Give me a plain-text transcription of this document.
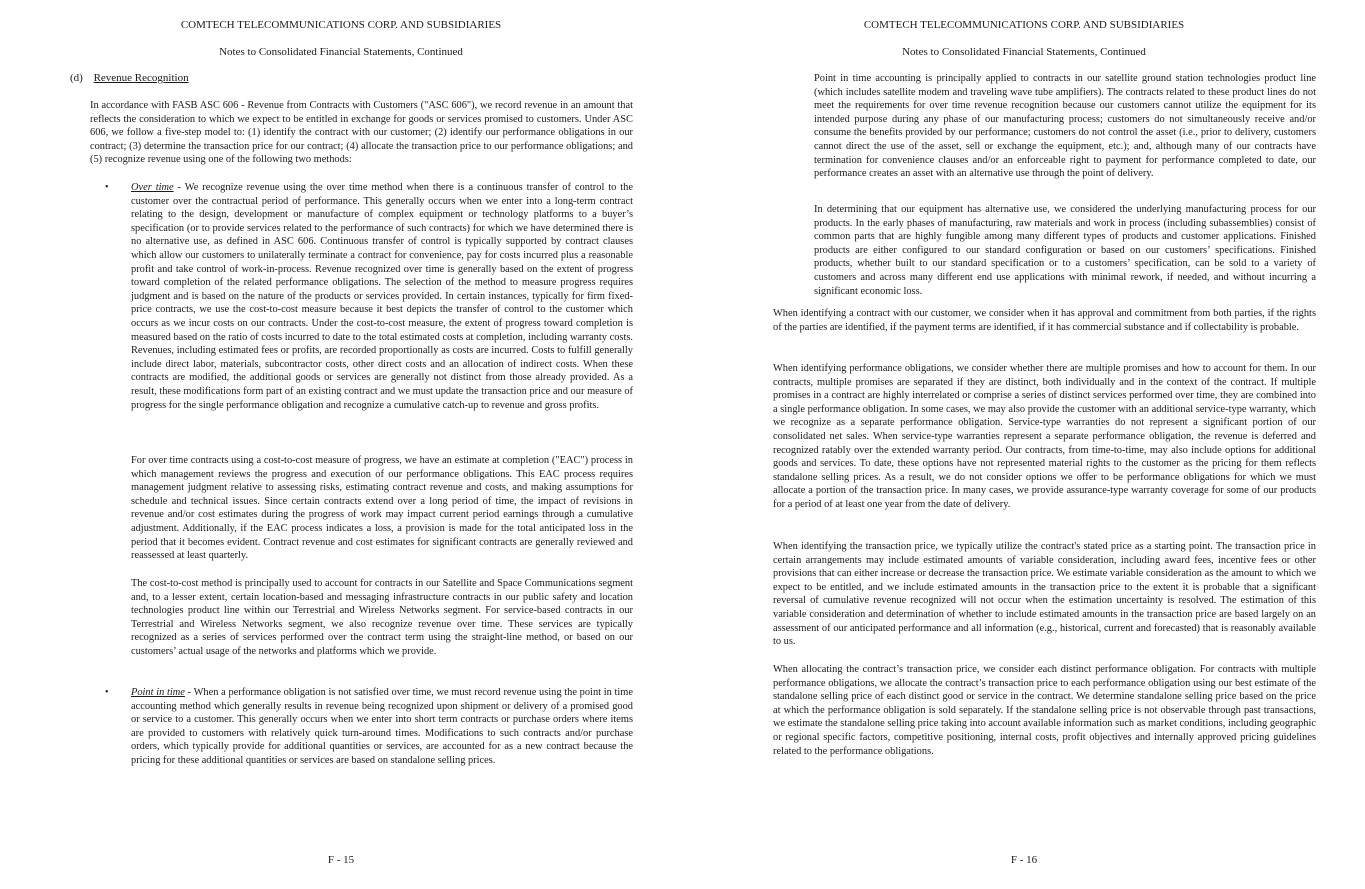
COMTECH TELECOMMUNICATIONS CORP. AND SUBSIDIARIES
Notes to Consolidated Financial Statements, Continued
(d) Revenue Recognition
In accordance with FASB ASC 606 - Revenue from Contracts with Customers ("ASC 606"), we record revenue in an amount that reflects the consideration to which we expect to be entitled in exchange for goods or services promised to customers. Under ASC 606, we follow a five-step model to: (1) identify the contract with our customer; (2) identify our performance obligations in our contract; (3) determine the transaction price for our contract; (4) allocate the transaction price to our performance obligations; and (5) recognize revenue using one of the following two methods:
• Over time - We recognize revenue using the over time method when there is a continuous transfer of control to the customer over the contractual period of performance. This generally occurs when we enter into a long-term contract relating to the design, development or manufacture of complex equipment or technology platforms to a buyer’s specification (or to provide services related to the performance of such contracts) for which we have determined there is no alternative use, as defined in ASC 606. Continuous transfer of control is typically supported by contract clauses which allow our customers to unilaterally terminate a contract for convenience, pay for costs incurred plus a reasonable profit and take control of work-in-process. Revenue recognized over time is generally based on the extent of progress toward completion of the related performance obligations. The selection of the method to measure progress requires judgment and is based on the nature of the products or services provided. In certain instances, typically for firm fixed-price contracts, we use the cost-to-cost measure because it best depicts the transfer of control to the customer which occurs as we incur costs on our contracts. Under the cost-to-cost measure, the extent of progress toward completion is measured based on the ratio of costs incurred to date to the total estimated costs at completion, including warranty costs. Revenues, including estimated fees or profits, are recorded proportionally as costs are incurred. Costs to fulfill generally include direct labor, materials, subcontractor costs, other direct costs and an allocation of indirect costs. When these contracts are modified, the additional goods or services are generally not distinct from those already provided. As a result, these modifications form part of an existing contract and we must update the transaction price and our measure of progress for the single performance obligation and recognize a cumulative catch-up to revenue and gross profits.
For over time contracts using a cost-to-cost measure of progress, we have an estimate at completion ("EAC") process in which management reviews the progress and execution of our performance obligations. This EAC process requires management judgment relative to assessing risks, estimating contract revenue and costs, and making assumptions for schedule and technical issues. Since certain contracts extend over a long period of time, the impact of revisions in revenue and/or cost estimates during the progress of work may impact current period earnings through a cumulative adjustment. Additionally, if the EAC process indicates a loss, a provision is made for the total anticipated loss in the period that it becomes evident. Contract revenue and cost estimates for significant contracts are generally reviewed and reassessed at least quarterly.
The cost-to-cost method is principally used to account for contracts in our Satellite and Space Communications segment and, to a lesser extent, certain location-based and messaging infrastructure contracts in our public safety and location technologies product line within our Terrestrial and Wireless Networks segment. For service-based contracts in our Terrestrial and Wireless Networks segment, we also recognize revenue over time. These services are typically recognized as a series of services performed over the contract term using the straight-line method, or based on our customers’ actual usage of the networks and platforms which we provide.
• Point in time - When a performance obligation is not satisfied over time, we must record revenue using the point in time accounting method which generally results in revenue being recognized upon shipment or delivery of a promised good or service to a customer. This generally occurs when we enter into short term contracts or purchase orders where items are provided to customers with relatively quick turn-around times. Modifications to such contracts and/or purchase orders, which typically provide for additional quantities or services, are accounted for as a new contract because the pricing for these additional quantities or services are based on standalone selling prices.
F - 15
COMTECH TELECOMMUNICATIONS CORP. AND SUBSIDIARIES
Notes to Consolidated Financial Statements, Continued
Point in time accounting is principally applied to contracts in our satellite ground station technologies product line (which includes satellite modem and traveling wave tube amplifiers). The contracts related to these product lines do not meet the requirements for over time revenue recognition because our customers cannot utilize the equipment for its intended purpose during any phase of our manufacturing process; customers do not simultaneously receive and/or consume the benefits provided by our performance; customers do not control the asset (i.e., prior to delivery, customers cannot direct the use of the asset, sell or exchange the equipment, etc.); and, although many of our contracts have termination for convenience clauses and/or an enforceable right to payment for performance completed to date, our performance creates an asset with an alternative use through the point of delivery.
In determining that our equipment has alternative use, we considered the underlying manufacturing process for our products. In the early phases of manufacturing, raw materials and work in process (including subassemblies) consist of common parts that are highly fungible among many different types of products and customer applications. Finished products are either configured to our standard configuration or based on our customers’ specifications. Finished products, whether built to our standard specification or to a customers’ specification, can be sold to a variety of customers and across many different end use applications with minimal rework, if needed, and without incurring a significant economic loss.
When identifying a contract with our customer, we consider when it has approval and commitment from both parties, if the rights of the parties are identified, if the payment terms are identified, if it has commercial substance and if collectability is probable.
When identifying performance obligations, we consider whether there are multiple promises and how to account for them. In our contracts, multiple promises are separated if they are distinct, both individually and in the context of the contract. If multiple promises in a contract are highly interrelated or comprise a series of distinct services performed over time, they are combined into a single performance obligation. In some cases, we may also provide the customer with an additional service-type warranty, which we recognize as a separate performance obligation. Service-type warranties do not represent a significant portion of our consolidated net sales. When service-type warranties represent a separate performance obligation, the revenue is deferred and recognized ratably over the extended warranty period. Our contracts, from time-to-time, may also include options for additional goods and services. To date, these options have not represented material rights to the customer as the pricing for them reflects standalone selling prices. As a result, we do not consider options we offer to be performance obligations for which we must allocate a portion of the transaction price. In many cases, we provide assurance-type warranty coverage for some of our products for a period of at least one year from the date of delivery.
When identifying the transaction price, we typically utilize the contract's stated price as a starting point. The transaction price in certain arrangements may include estimated amounts of variable consideration, including award fees, incentive fees or other provisions that can either increase or decrease the transaction price. We estimate variable consideration as the amount to which we expect to be entitled, and we include estimated amounts in the transaction price to the extent it is probable that a significant reversal of cumulative revenue recognized will not occur when the estimation uncertainty is resolved. The estimation of this variable consideration and determination of whether to include estimated amounts in the transaction price are based largely on an assessment of our anticipated performance and all information (e.g., historical, current and forecasted) that is reasonably available to us.
When allocating the contract’s transaction price, we consider each distinct performance obligation. For contracts with multiple performance obligations, we allocate the contract’s transaction price to each performance obligation using our best estimate of the standalone selling price of each distinct good or service in the contract. We determine standalone selling price based on the price at which the performance obligation is sold separately. If the standalone selling price is not observable through past transactions, we estimate the standalone selling price taking into account available information such as market conditions, including geographic or regional specific factors, competitive positioning, internal costs, profit objectives and internally approved pricing guidelines related to the performance obligations.
F - 16
